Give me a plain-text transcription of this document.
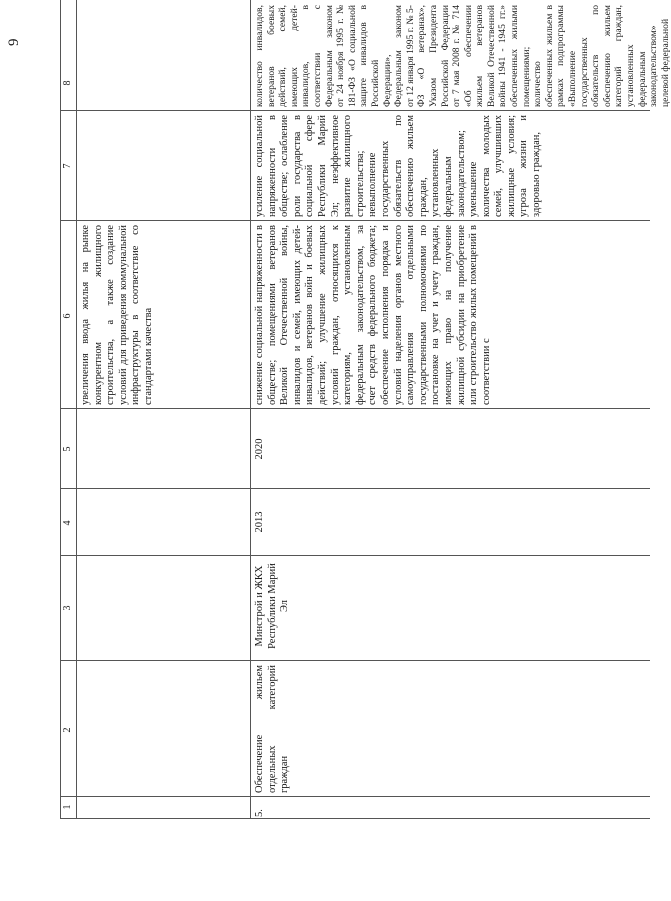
9
1
2
3
4
5
6
7
8
увеличения ввода жилья на рынке конкурентном жилищного строительства, а также создание условий для приведения коммунальной инфраструктуры в соответствие со стандартами качества
5.
Обеспечение жильем отдельных категорий граждан
Минстрой и ЖКХ Республики Марий Эл
2013
2020
снижение социальной напряженности в обществе; помещениями ветеранов Великой Отечественной войны, инвалидов и семей, имеющих детей-инвалидов, ветеранов войн и боевых действий; улучшение жилищных условий граждан, относящихся к категориям, установленным федеральным законодательством, за счет средств федерального бюджета; обеспечение исполнения порядка и условий наделения органов местного самоуправления отдельными государственными полномочиями по постановке на учет и учету граждан, имеющих право на получение жилищной субсидии на приобретение или строительство жилых помещений в соответствии с
усиление социальной напряженности в обществе; ослабление роли государства в социальной сфере Республики Марий Эл; неэффективное развитие жилищного строительства; невыполнение государственных обязательств по обеспечению жильем граждан, установленных федеральным законодательством; уменьшение количества молодых семей, улучшивших жилищные условия; угроза жизни и здоровью граждан,
количество инвалидов, ветеранов боевых действий, семей, имеющих детей-инвалидов, в соответствии с Федеральным законом от 24 ноября 1995 г. № 181-ФЗ «О социальной защите инвалидов в Российской Федерации», Федеральным законом от 12 января 1995 г. № 5-ФЗ «О ветеранах», Указом Президента Российской Федерации от 7 мая 2008 г. № 714 «Об обеспечении жильем ветеранов Великой Отечественной войны 1941 - 1945 гг.» обеспеченных жилыми помещениями; количество обеспеченных жильем в рамках подпрограммы «Выполнение государственных обязательств по обеспечению жильем категорий граждан, установленных федеральным законодательством» целевой федеральной
